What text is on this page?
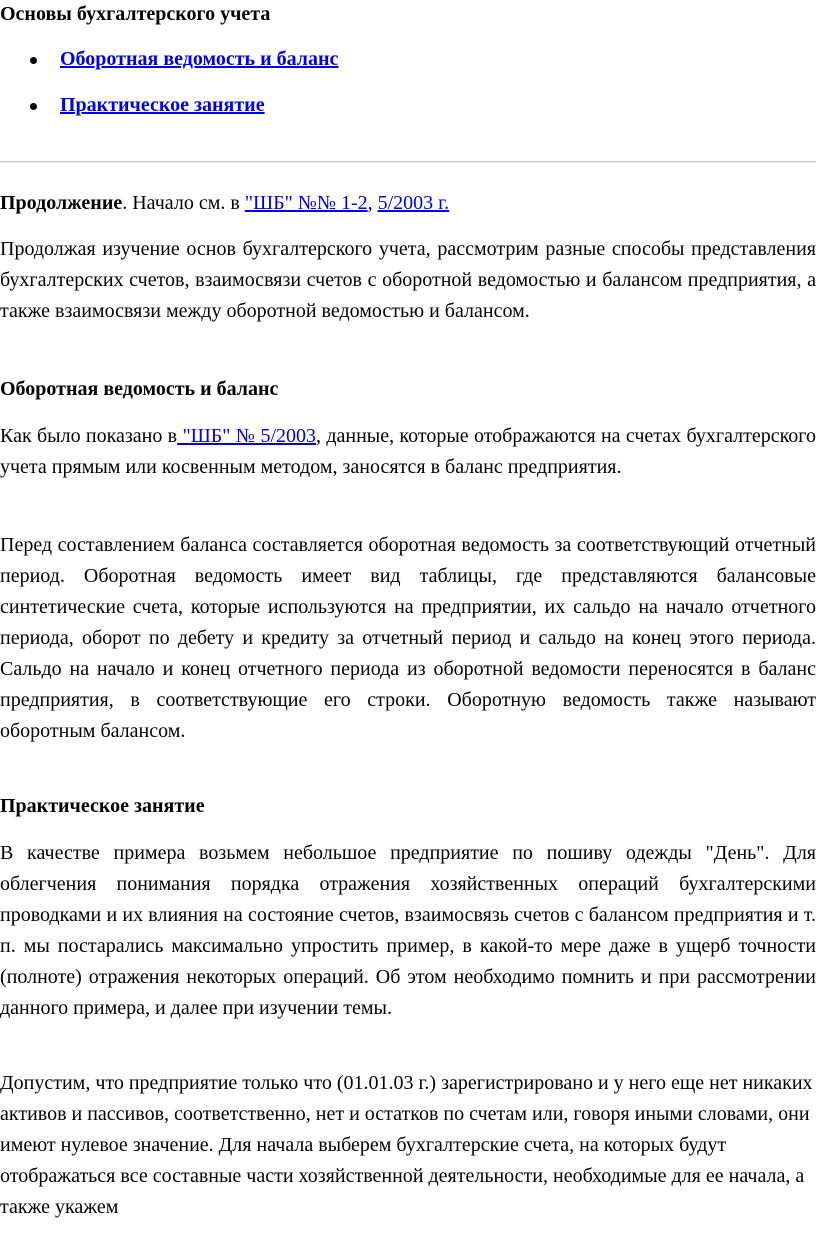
Основы бухгалтерского учета
Оборотная ведомость и баланс
Практическое занятие

Продолжение. Начало см. в "ШБ" №№ 1-2, 5/2003 г.

Продолжая изучение основ бухгалтерского учета, рассмотрим разные способы представления бухгалтерских счетов, взаимосвязи счетов с оборотной ведомостью и балансом предприятия, а также взаимосвязи между оборотной ведомостью и балансом.

Оборотная ведомость и баланс

Как было показано в "ШБ" № 5/2003, данные, которые отображаются на счетах бухгалтерского учета прямым или косвенным методом, заносятся в баланс предприятия.

Перед составлением баланса составляется оборотная ведомость за соответствующий отчетный период. Оборотная ведомость имеет вид таблицы, где представляются балансовые синтетические счета, которые используются на предприятии, их сальдо на начало отчетного периода, оборот по дебету и кредиту за отчетный период и сальдо на конец этого периода. Сальдо на начало и конец отчетного периода из оборотной ведомости переносятся в баланс предприятия, в соответствующие его строки. Оборотную ведомость также называют оборотным балансом.

Практическое занятие

В качестве примера возьмем небольшое предприятие по пошиву одежды "День". Для облегчения понимания порядка отражения хозяйственных операций бухгалтерскими проводками и их влияния на состояние счетов, взаимосвязь счетов с балансом предприятия и т. п. мы постарались максимально упростить пример, в какой-то мере даже в ущерб точности (полноте) отражения некоторых операций. Об этом необходимо помнить и при рассмотрении данного примера, и далее при изучении темы.

Допустим, что предприятие только что (01.01.03 г.) зарегистрировано и у него еще нет никаких активов и пассивов, соответственно, нет и остатков по счетам или, говоря иными словами, они имеют нулевое значение. Для начала выберем бухгалтерские счета, на которых будут отображаться все составные части хозяйственной деятельности, необходимые для ее начала, а также укажем
